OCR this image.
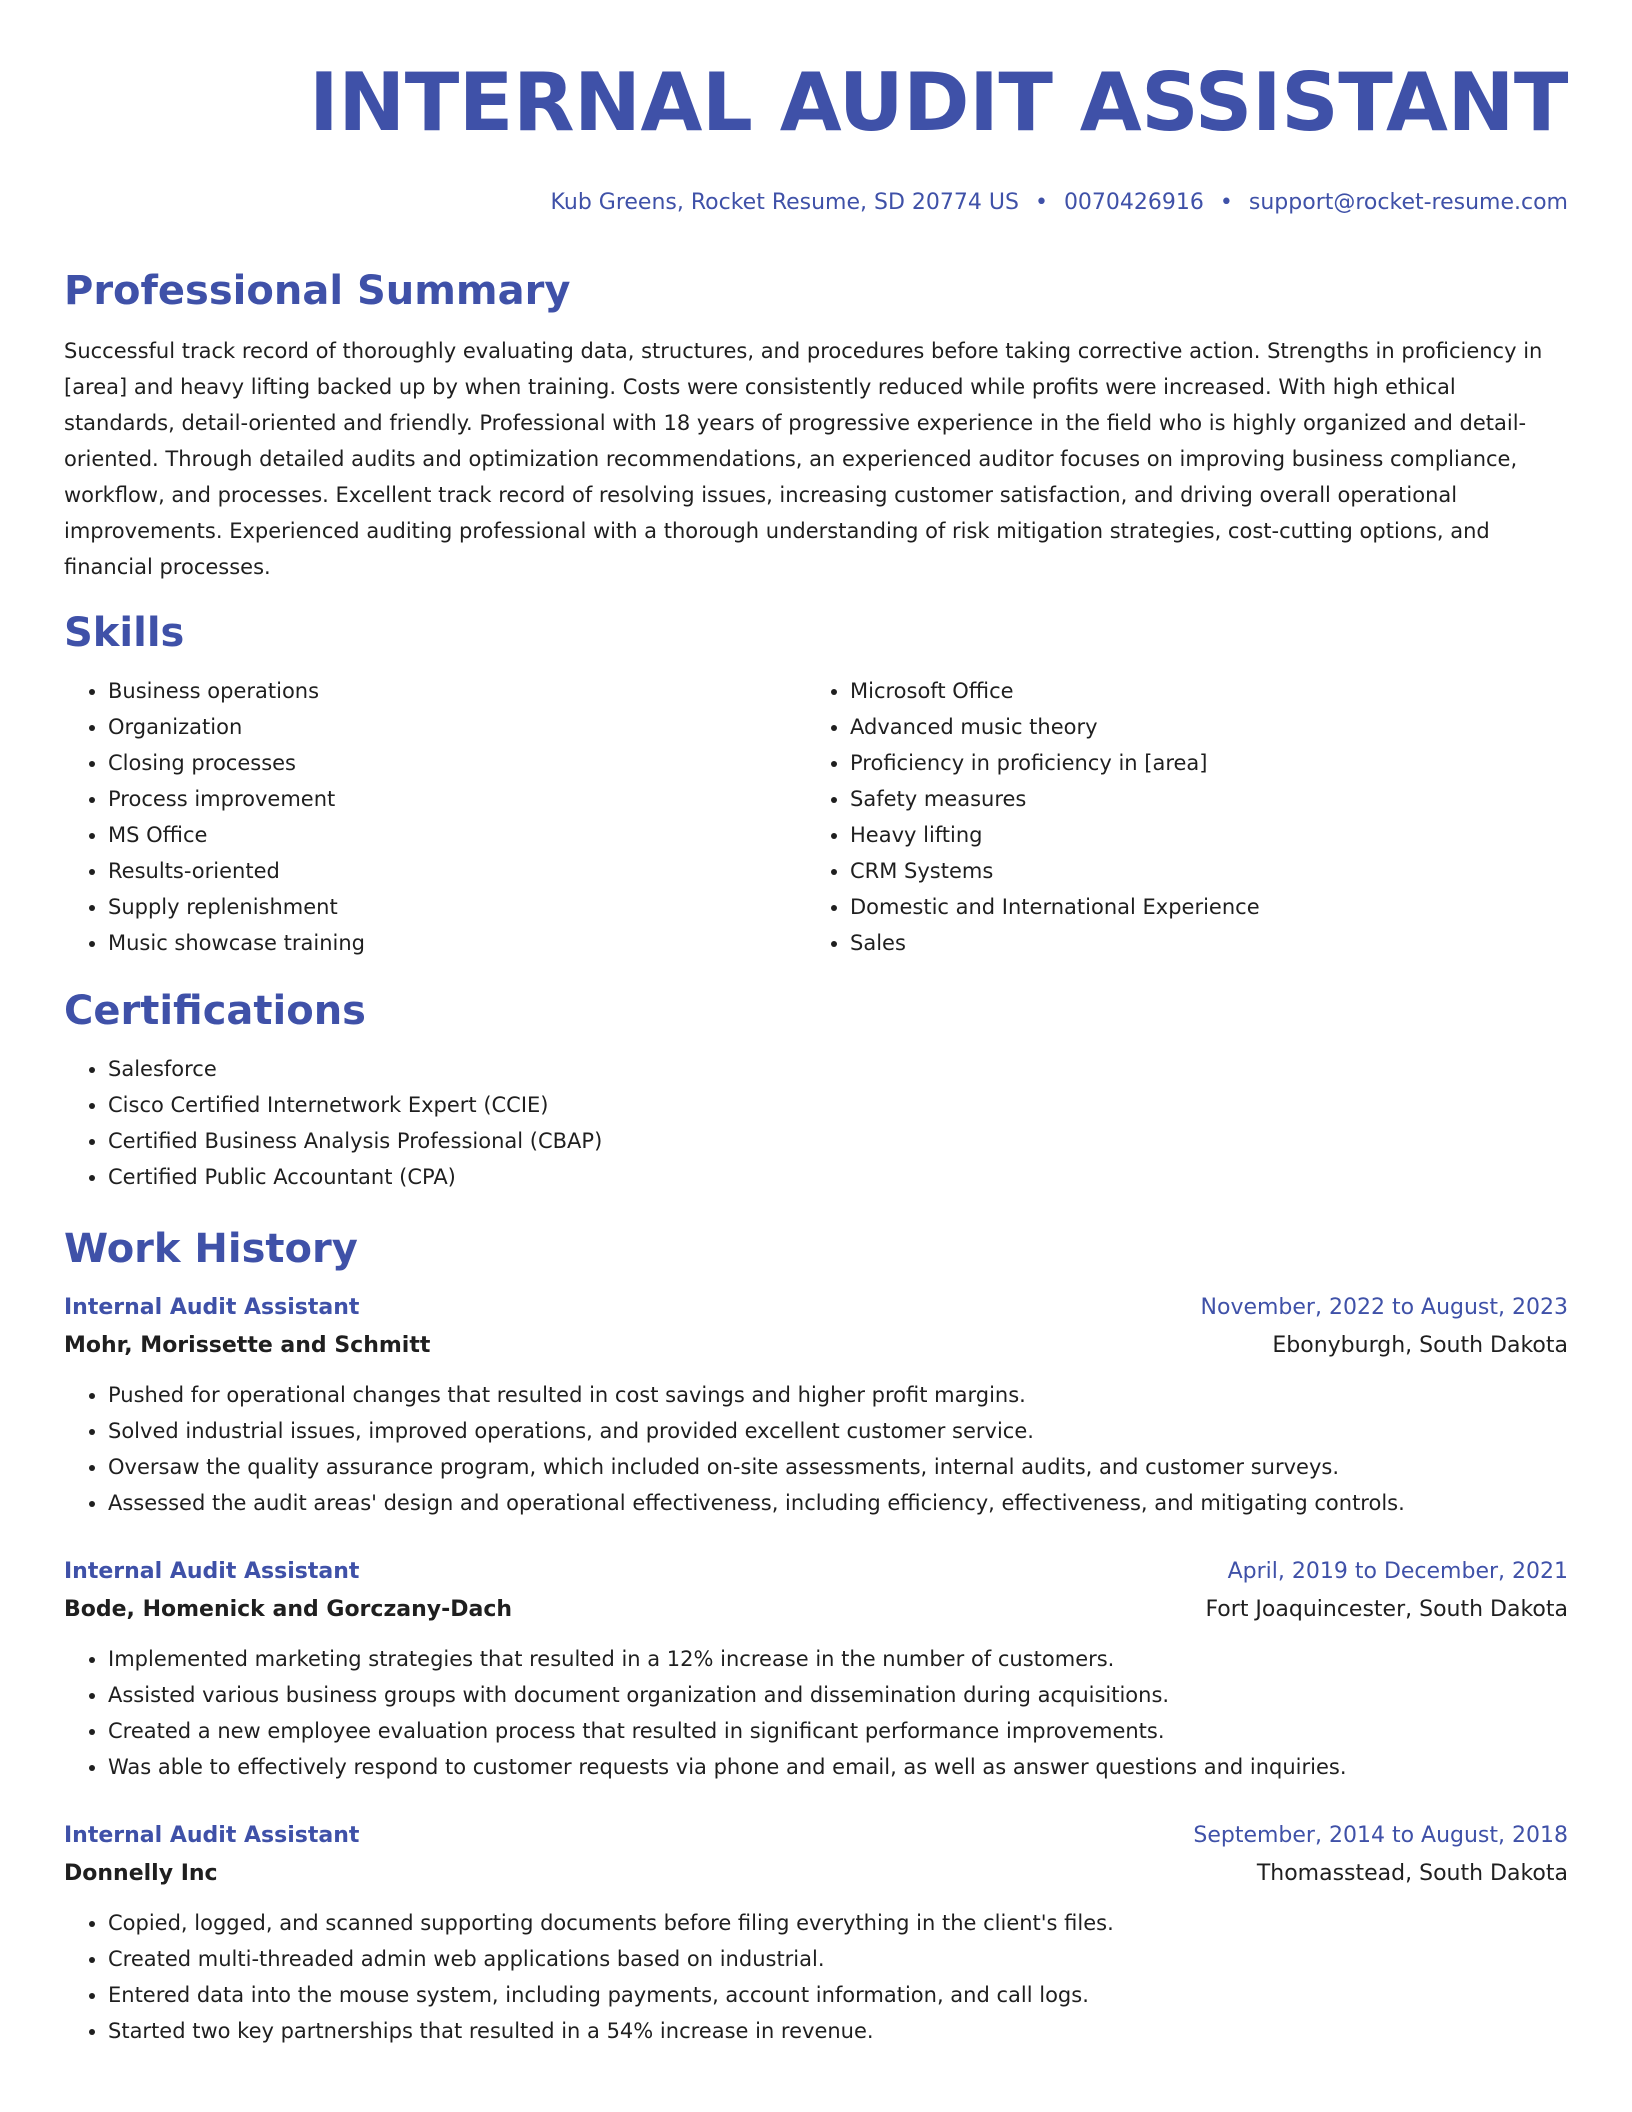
INTERNAL AUDIT ASSISTANT
Kub Greens, Rocket Resume, SD 20774 US • 0070426916 • support@rocket-resume.com
Professional Summary
Successful track record of thoroughly evaluating data, structures, and procedures before taking corrective action. Strengths in proficiency in [area] and heavy lifting backed up by when training. Costs were consistently reduced while profits were increased. With high ethical standards, detail-oriented and friendly. Professional with 18 years of progressive experience in the field who is highly organized and detail-oriented. Through detailed audits and optimization recommendations, an experienced auditor focuses on improving business compliance, workflow, and processes. Excellent track record of resolving issues, increasing customer satisfaction, and driving overall operational improvements. Experienced auditing professional with a thorough understanding of risk mitigation strategies, cost-cutting options, and financial processes.
Skills
• Business operations
• Organization
• Closing processes
• Process improvement
• MS Office
• Results-oriented
• Supply replenishment
• Music showcase training
• Microsoft Office
• Advanced music theory
• Proficiency in proficiency in [area]
• Safety measures
• Heavy lifting
• CRM Systems
• Domestic and International Experience
• Sales
Certifications
• Salesforce
• Cisco Certified Internetwork Expert (CCIE)
• Certified Business Analysis Professional (CBAP)
• Certified Public Accountant (CPA)
Work History
Internal Audit Assistant	November, 2022 to August, 2023
Mohr, Morissette and Schmitt	Ebonyburgh, South Dakota
• Pushed for operational changes that resulted in cost savings and higher profit margins.
• Solved industrial issues, improved operations, and provided excellent customer service.
• Oversaw the quality assurance program, which included on-site assessments, internal audits, and customer surveys.
• Assessed the audit areas' design and operational effectiveness, including efficiency, effectiveness, and mitigating controls.
Internal Audit Assistant	April, 2019 to December, 2021
Bode, Homenick and Gorczany-Dach	Fort Joaquincester, South Dakota
• Implemented marketing strategies that resulted in a 12% increase in the number of customers.
• Assisted various business groups with document organization and dissemination during acquisitions.
• Created a new employee evaluation process that resulted in significant performance improvements.
• Was able to effectively respond to customer requests via phone and email, as well as answer questions and inquiries.
Internal Audit Assistant	September, 2014 to August, 2018
Donnelly Inc	Thomasstead, South Dakota
• Copied, logged, and scanned supporting documents before filing everything in the client's files.
• Created multi-threaded admin web applications based on industrial.
• Entered data into the mouse system, including payments, account information, and call logs.
• Started two key partnerships that resulted in a 54% increase in revenue.
